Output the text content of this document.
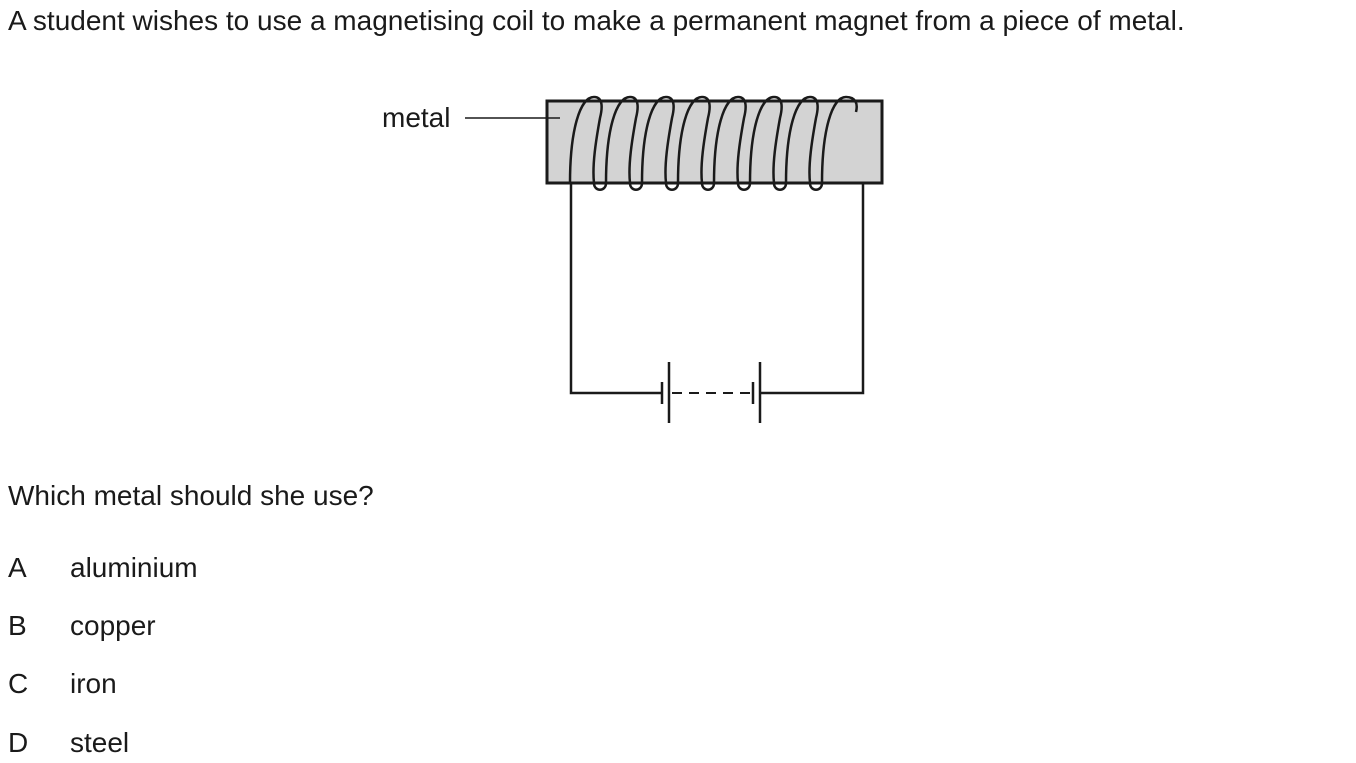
A student wishes to use a magnetising coil to make a permanent magnet from a piece of metal.
metal
Which metal should she use?
A aluminium
B copper
C iron
D steel
